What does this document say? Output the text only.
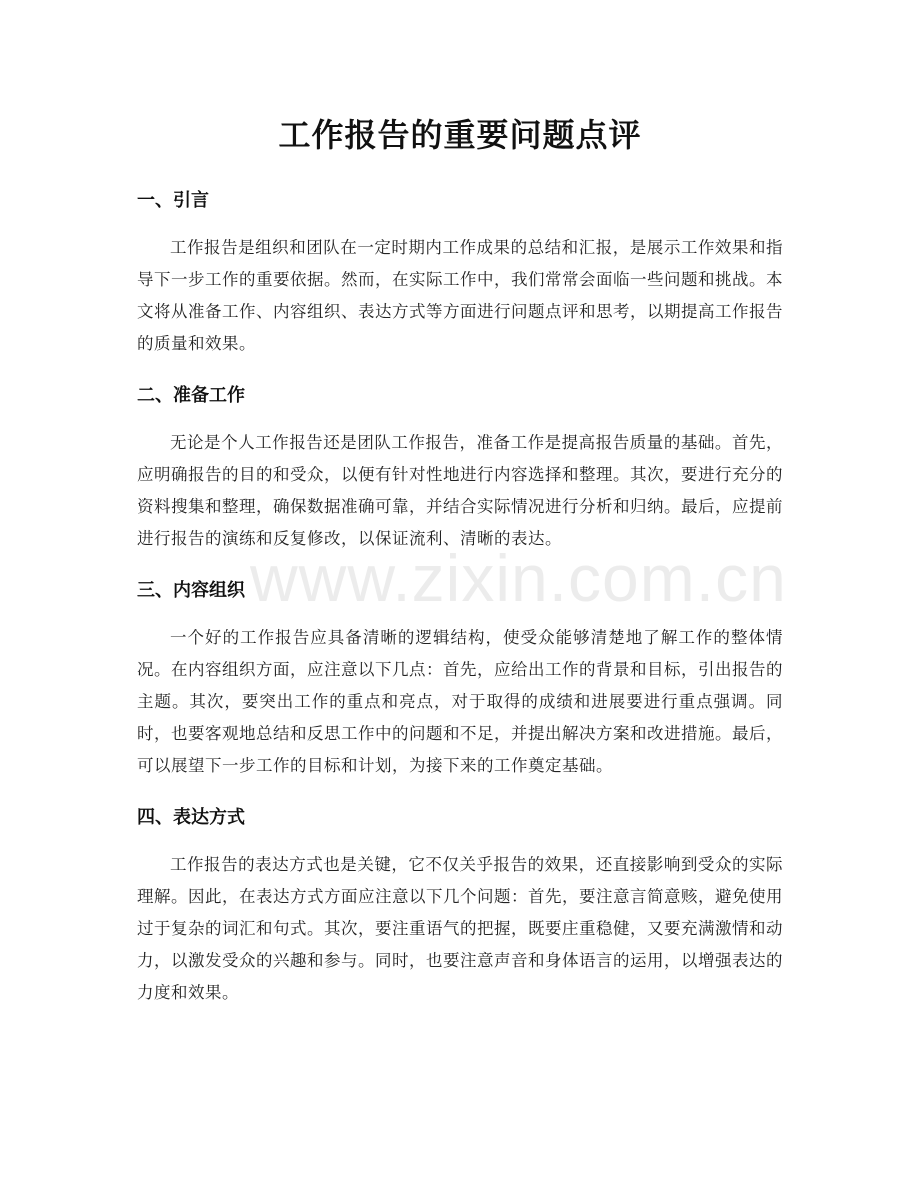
www.zixin.com.cn
工作报告的重要问题点评
一、引言

工作报告是组织和团队在一定时期内工作成果的总结和汇报，是展示工作效果和指导下一步工作的重要依据。然而，在实际工作中，我们常常会面临一些问题和挑战。本文将从准备工作、内容组织、表达方式等方面进行问题点评和思考，以期提高工作报告的质量和效果。

二、准备工作

无论是个人工作报告还是团队工作报告，准备工作是提高报告质量的基础。首先，应明确报告的目的和受众，以便有针对性地进行内容选择和整理。其次，要进行充分的资料搜集和整理，确保数据准确可靠，并结合实际情况进行分析和归纳。最后，应提前进行报告的演练和反复修改，以保证流利、清晰的表达。

三、内容组织

一个好的工作报告应具备清晰的逻辑结构，使受众能够清楚地了解工作的整体情况。在内容组织方面，应注意以下几点：首先，应给出工作的背景和目标，引出报告的主题。其次，要突出工作的重点和亮点，对于取得的成绩和进展要进行重点强调。同时，也要客观地总结和反思工作中的问题和不足，并提出解决方案和改进措施。最后，可以展望下一步工作的目标和计划，为接下来的工作奠定基础。

四、表达方式

工作报告的表达方式也是关键，它不仅关乎报告的效果，还直接影响到受众的实际理解。因此，在表达方式方面应注意以下几个问题：首先，要注意言简意赅，避免使用过于复杂的词汇和句式。其次，要注重语气的把握，既要庄重稳健，又要充满激情和动力，以激发受众的兴趣和参与。同时，也要注意声音和身体语言的运用，以增强表达的力度和效果。
